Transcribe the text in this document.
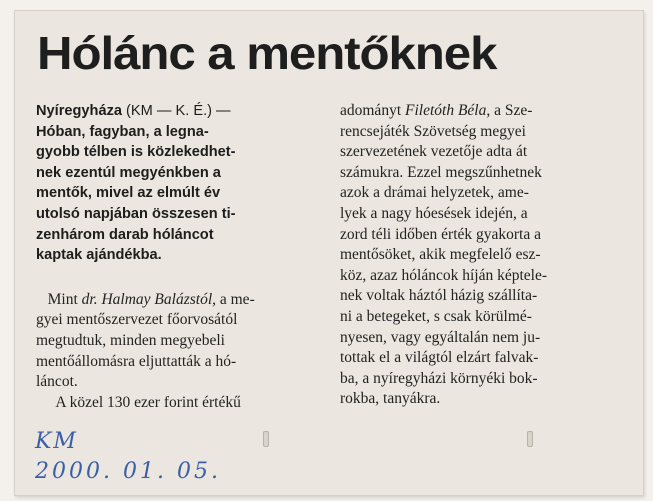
Hólánc a mentőknek
Nyíregyháza (KM — K. É.) —
Hóban, fagyban, a legna-
gyobb télben is közlekedhet-
nek ezentúl megyénkben a
mentők, mivel az elmúlt év
utolsó napjában összesen ti-
zenhárom darab hóláncot
kaptak ajándékba.
Mint dr. Halmay Balázstól, a me-
gyei mentőszervezet főorvosától
megtudtuk, minden megyebeli
mentőállomásra eljuttatták a hó-
láncot.
A közel 130 ezer forint értékű
adományt Filetóth Béla, a Sze-
rencsejáték Szövetség megyei
szervezetének vezetője adta át
számukra. Ezzel megszűnhetnek
azok a drámai helyzetek, ame-
lyek a nagy hóesések idején, a
zord téli időben érték gyakorta a
mentősöket, akik megfelelő esz-
köz, azaz hóláncok híján képtele-
nek voltak háztól házig szállíta-
ni a betegeket, s csak körülmé-
nyesen, vagy egyáltalán nem ju-
tottak el a világtól elzárt falvak-
ba, a nyíregyházi környéki bok-
rokba, tanyákra.
KM
2000. 01. 05.
